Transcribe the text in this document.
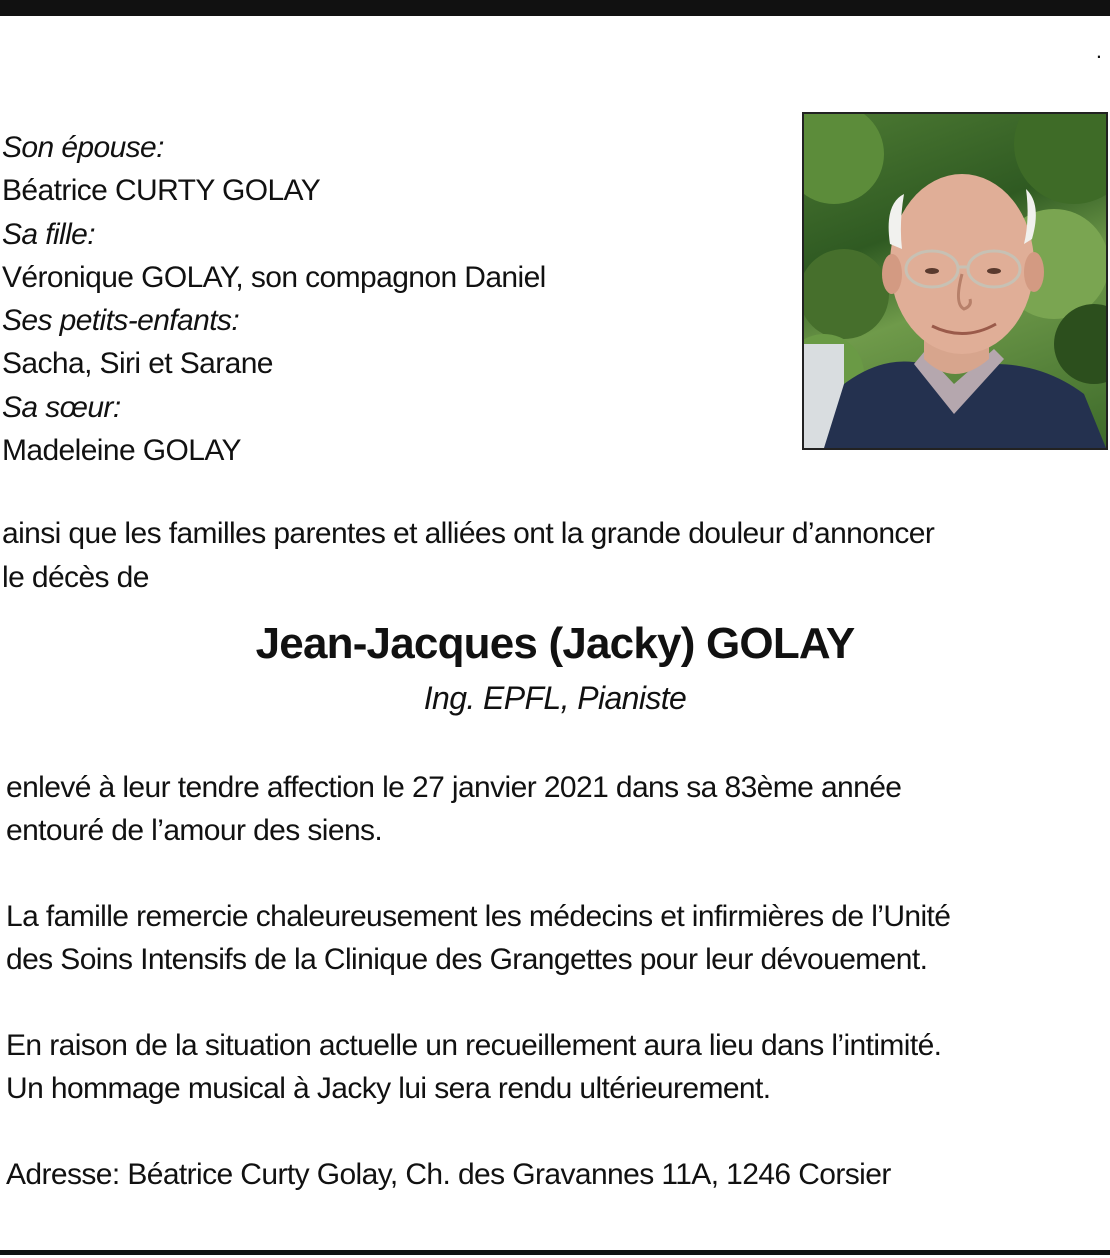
.
Son épouse:
Béatrice CURTY GOLAY
Sa fille:
Véronique GOLAY, son compagnon Daniel
Ses petits-enfants:
Sacha, Siri et Sarane
Sa sœur:
Madeleine GOLAY
ainsi que les familles parentes et alliées ont la grande douleur d’annoncer
le décès de
Jean-Jacques (Jacky) GOLAY
Ing. EPFL, Pianiste
enlevé à leur tendre affection le 27 janvier 2021 dans sa 83ème année
entouré de l’amour des siens.
La famille remercie chaleureusement les médecins et infirmières de l’Unité
des Soins Intensifs de la Clinique des Grangettes pour leur dévouement.
En raison de la situation actuelle un recueillement aura lieu dans l’intimité.
Un hommage musical à Jacky lui sera rendu ultérieurement.
Adresse: Béatrice Curty Golay, Ch. des Gravannes 11A, 1246 Corsier
